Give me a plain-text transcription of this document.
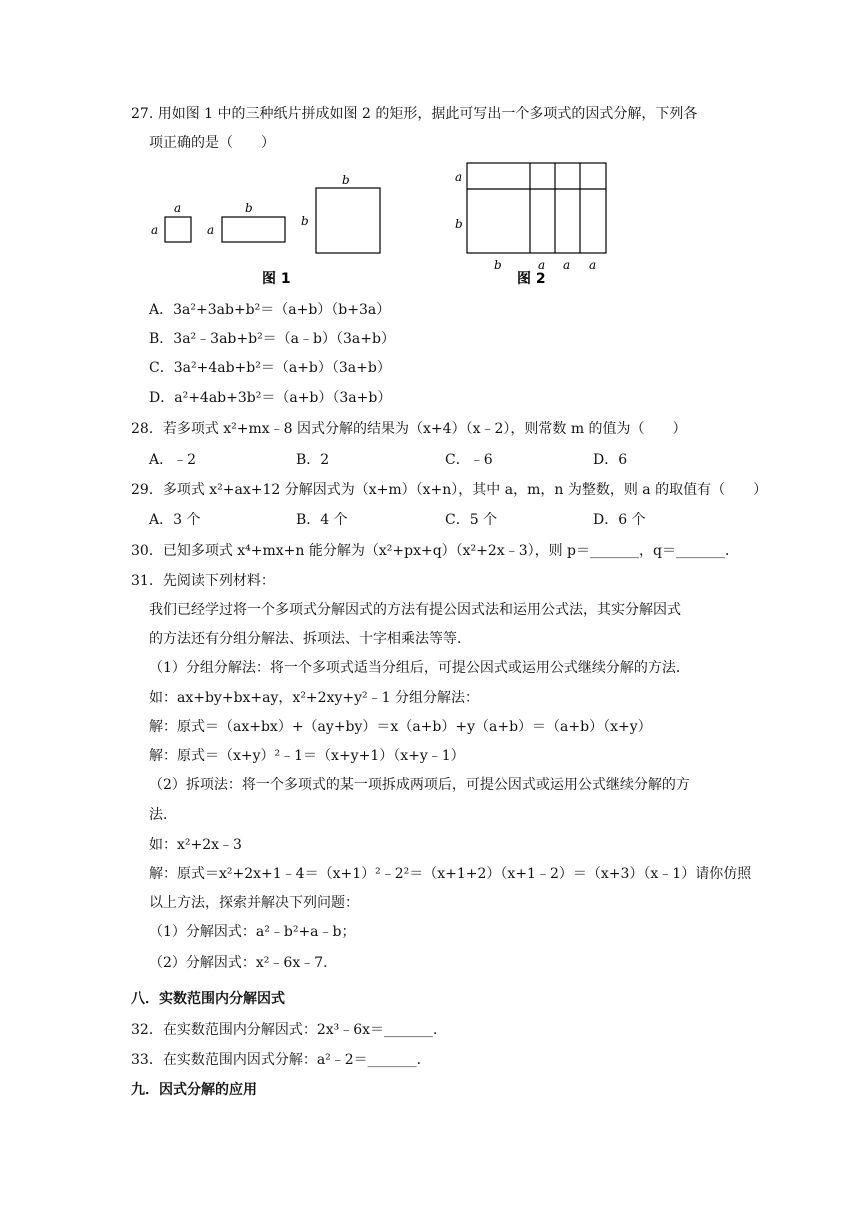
27. 用如图 1 中的三种纸片拼成如图 2 的矩形，据此可写出一个多项式的因式分解，下列各
项正确的是（　　）
a
a
b
a
b
b
图 1
a
b
b	a a a
图 2
A．3a²+3ab+b²＝（a+b）（b+3a）
B．3a²﹣3ab+b²＝（a﹣b）（3a+b）
C．3a²+4ab+b²＝（a+b）（3a+b）
D．a²+4ab+3b²＝（a+b）（3a+b）
28．若多项式 x²+mx﹣8 因式分解的结果为（x+4）（x﹣2），则常数 m 的值为（　　）
A．﹣2	B．2	C．﹣6	D．6
29．多项式 x²+ax+12 分解因式为（x+m）（x+n），其中 a，m，n 为整数，则 a 的取值有（　　）
A．3 个	B．4 个	C．5 个	D．6 个
30．已知多项式 x⁴+mx+n 能分解为（x²+px+q）（x²+2x﹣3），则 p＝_______，q＝_______．
31．先阅读下列材料：
我们已经学过将一个多项式分解因式的方法有提公因式法和运用公式法，其实分解因式
的方法还有分组分解法、拆项法、十字相乘法等等．
（1）分组分解法：将一个多项式适当分组后，可提公因式或运用公式继续分解的方法．
如：ax+by+bx+ay，x²+2xy+y²﹣1 分组分解法：
解：原式＝（ax+bx）+（ay+by）＝x（a+b）+y（a+b）＝（a+b）（x+y）
解：原式＝（x+y）²﹣1＝（x+y+1）（x+y﹣1）
（2）拆项法：将一个多项式的某一项拆成两项后，可提公因式或运用公式继续分解的方
法．
如：x²+2x﹣3
解：原式＝x²+2x+1﹣4＝（x+1）²﹣2²＝（x+1+2）（x+1﹣2）＝（x+3）（x﹣1）请你仿照
以上方法，探索并解决下列问题：
（1）分解因式：a²﹣b²+a﹣b；
（2）分解因式：x²﹣6x﹣7．
八．实数范围内分解因式
32．在实数范围内分解因式：2x³﹣6x＝_______．
33．在实数范围内因式分解：a²﹣2＝_______．
九．因式分解的应用
